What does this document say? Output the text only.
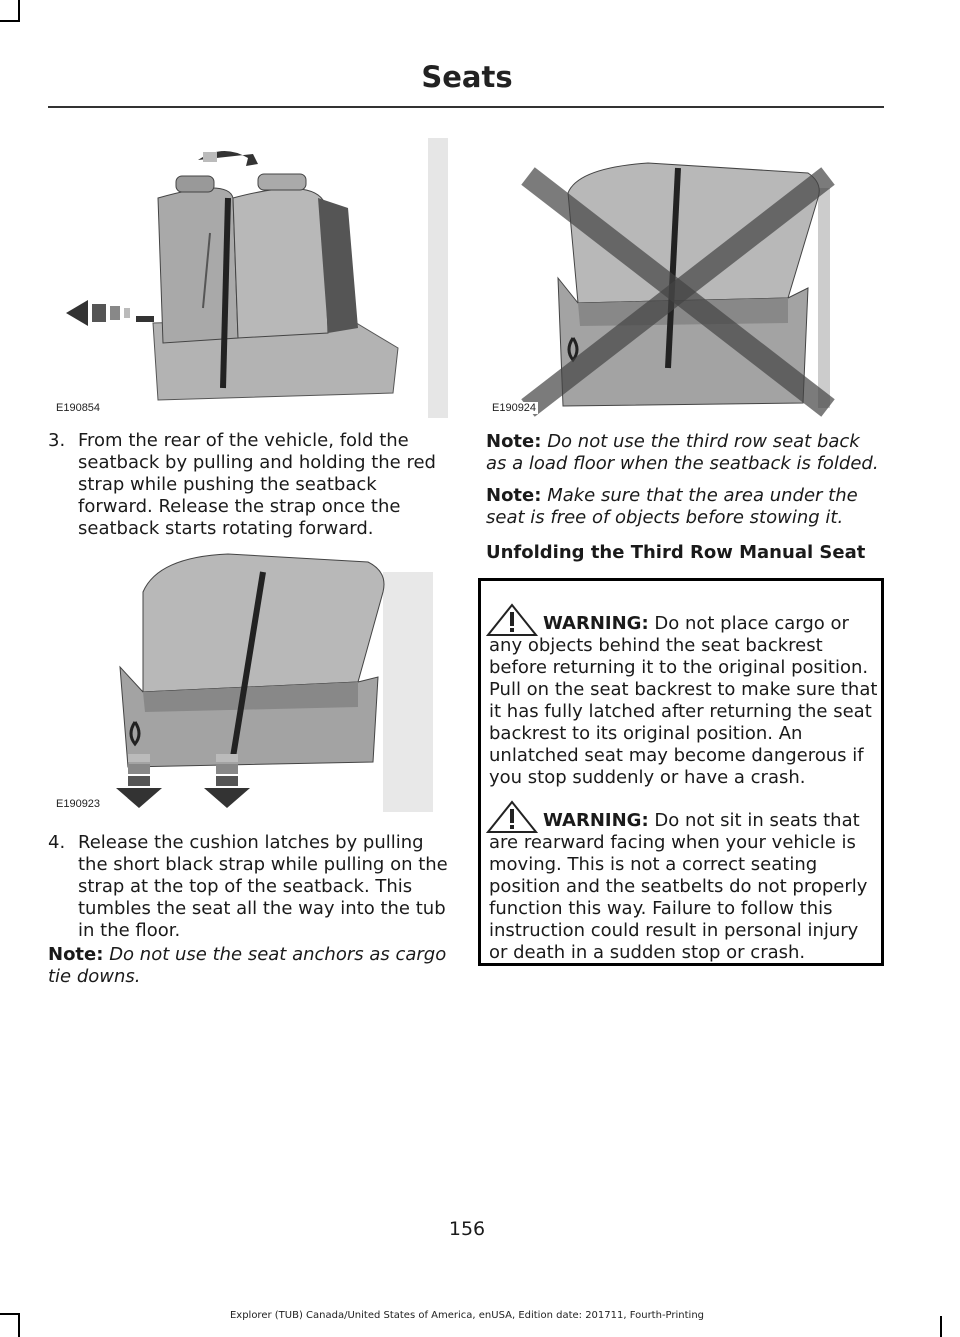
Seats
E190854	E190924
3. From the rear of the vehicle, fold the seatback by pulling and holding the red strap while pushing the seatback forward. Release the strap once the seatback starts rotating forward.
E190923
4. Release the cushion latches by pulling the short black strap while pulling on the strap at the top of the seatback. This tumbles the seat all the way into the tub in the floor.
Note: Do not use the seat anchors as cargo tie downs.
Note: Do not use the third row seat back as a load floor when the seatback is folded.
Note: Make sure that the area under the seat is free of objects before stowing it.
Unfolding the Third Row Manual Seat
WARNING: Do not place cargo or any objects behind the seat backrest before returning it to the original position. Pull on the seat backrest to make sure that it has fully latched after returning the seat backrest to its original position. An unlatched seat may become dangerous if you stop suddenly or have a crash.
WARNING: Do not sit in seats that are rearward facing when your vehicle is moving. This is not a correct seating position and the seatbelts do not properly function this way. Failure to follow this instruction could result in personal injury or death in a sudden stop or crash.
156
Explorer (TUB) Canada/United States of America, enUSA, Edition date: 201711, Fourth-Printing
